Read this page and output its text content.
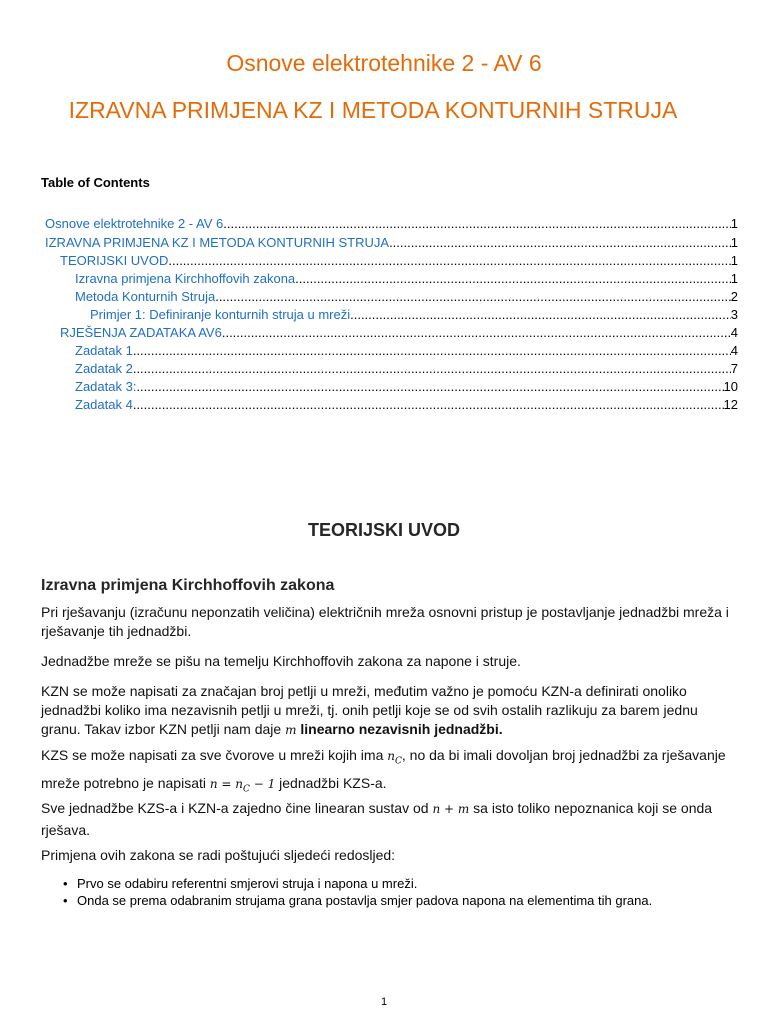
Osnove elektrotehnike 2 - AV 6
IZRAVNA PRIMJENA KZ I METODA KONTURNIH STRUJA
Table of Contents
Osnove elektrotehnike 2 - AV 6 .....	1
IZRAVNA PRIMJENA KZ I METODA KONTURNIH STRUJA .....	1
TEORIJSKI UVOD .....	1
Izravna primjena Kirchhoffovih zakona .....	1
Metoda Konturnih Struja .....	2
Primjer 1: Definiranje konturnih struja u mreži .....	3
RJEŠENJA ZADATAKA AV6 .....	4
Zadatak 1 .....	4
Zadatak 2 .....	7
Zadatak 3: .....	10
Zadatak 4 .....	12
TEORIJSKI UVOD
Izravna primjena Kirchhoffovih zakona
Pri rješavanju (izračunu neponzatih veličina) električnih mreža osnovni pristup je postavljanje jednadžbi mreža i rješavanje tih jednadžbi.
Jednadžbe mreže se pišu na temelju Kirchhoffovih zakona za napone i struje.
KZN se može napisati za značajan broj petlji u mreži, međutim važno je pomoću KZN-a definirati onoliko jednadžbi koliko ima nezavisnih petlji u mreži, tj. onih petlji koje se od svih ostalih razlikuju za barem jednu granu. Takav izbor KZN petlji nam daje m linearno nezavisnih jednadžbi.
KZS se može napisati za sve čvorove u mreži kojih ima $n_C$, no da bi imali dovoljan broj jednadžbi za rješavanje mreže potrebno je napisati $n = n_C - 1$ jednadžbi KZS-a.
Sve jednadžbe KZS-a i KZN-a zajedno čine linearan sustav od n + m sa isto toliko nepoznanica koji se onda rješava.
Primjena ovih zakona se radi poštujući sljedeći redosljed:
• Prvo se odabiru referentni smjerovi struja i napona u mreži.
• Onda se prema odabranim strujama grana postavlja smjer padova napona na elementima tih grana.
1
